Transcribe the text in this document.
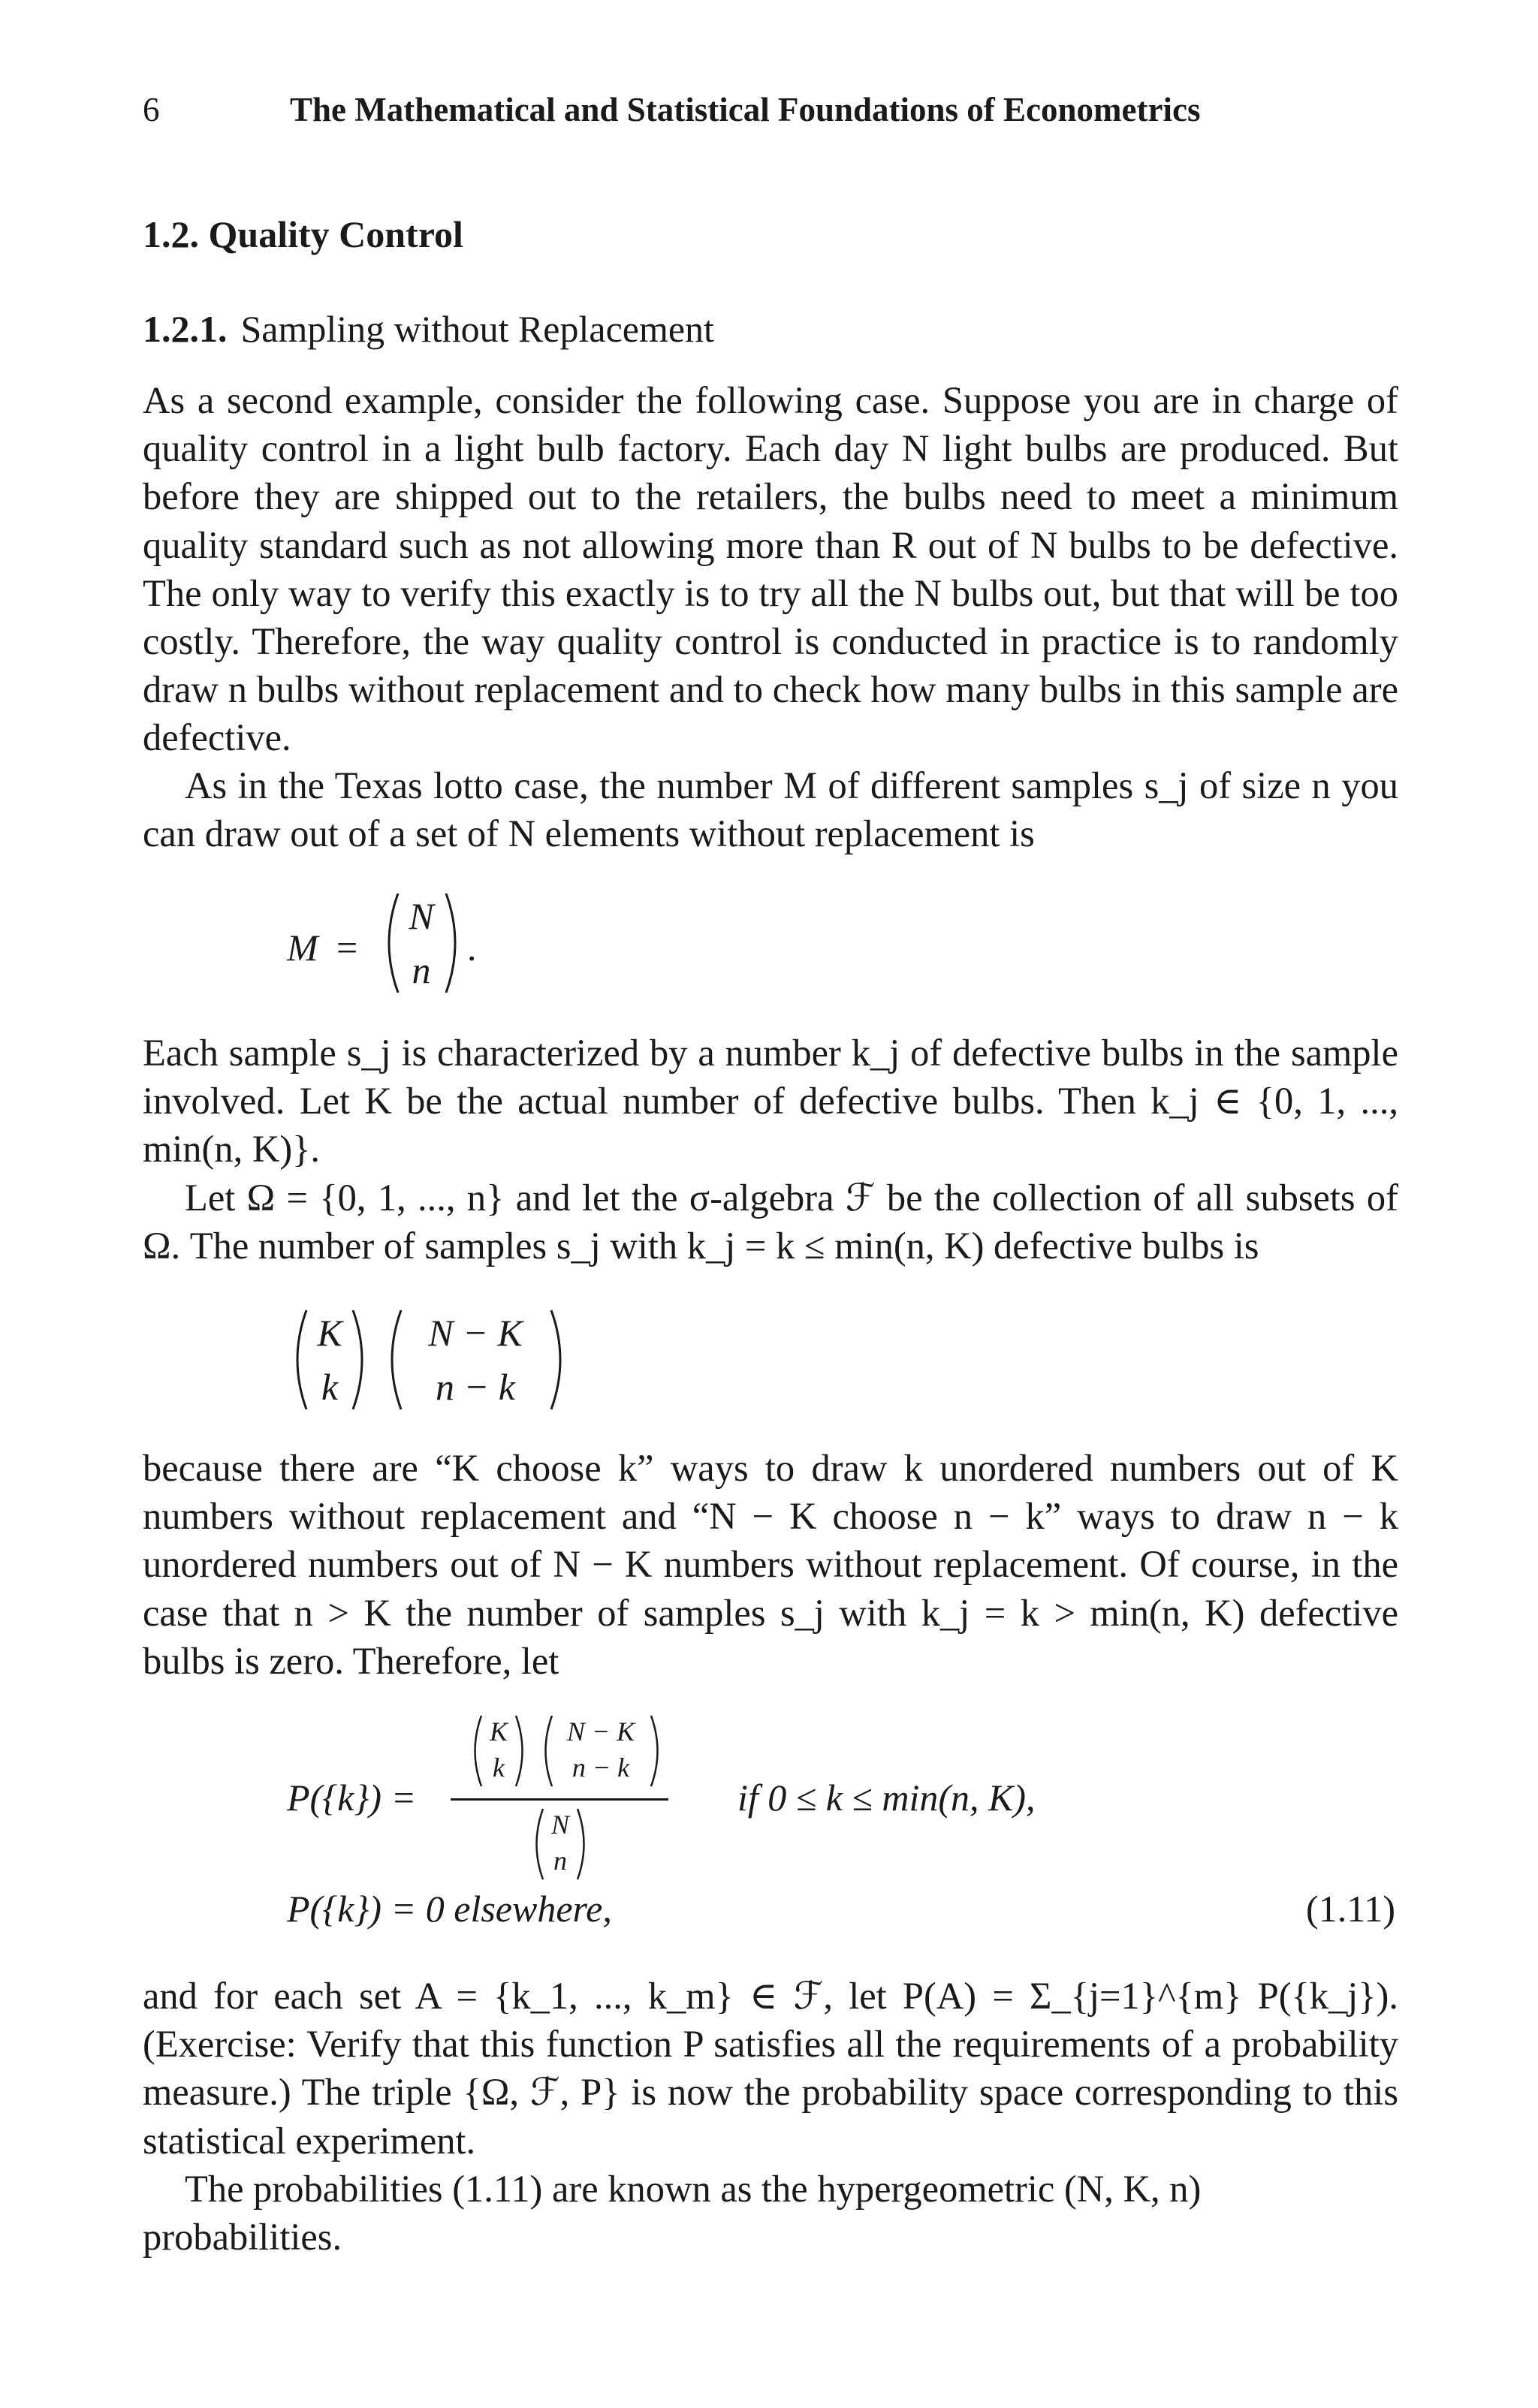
6	The Mathematical and Statistical Foundations of Econometrics
1.2. Quality Control
1.2.1. Sampling without Replacement

As a second example, consider the following case. Suppose you are in charge of quality control in a light bulb factory. Each day N light bulbs are produced. But before they are shipped out to the retailers, the bulbs need to meet a minimum quality standard such as not allowing more than R out of N bulbs to be defective. The only way to verify this exactly is to try all the N bulbs out, but that will be too costly. Therefore, the way quality control is conducted in practice is to randomly draw n bulbs without replacement and to check how many bulbs in this sample are defective.

As in the Texas lotto case, the number M of different samples s_j of size n you can draw out of a set of N elements without replacement is

M =
N
n
.

Each sample s_j is characterized by a number k_j of defective bulbs in the sample involved. Let K be the actual number of defective bulbs. Then k_j ∈ {0, 1, ..., min(n, K)}.

Let Ω = {0, 1, ..., n} and let the σ-algebra ℱ be the collection of all subsets of Ω. The number of samples s_j with k_j = k ≤ min(n, K) defective bulbs is

K
k
N − K
n − k

because there are “K choose k” ways to draw k unordered numbers out of K numbers without replacement and “N − K choose n − k” ways to draw n − k unordered numbers out of N − K numbers without replacement. Of course, in the case that n > K the number of samples s_j with k_j = k > min(n, K) defective bulbs is zero. Therefore, let

P({k}) =
K
k
N − K
n − k
N
n
if 0 ≤ k ≤ min(n, K),
P({k}) = 0 elsewhere,	(1.11)

and for each set A = {k_1, ..., k_m} ∈ ℱ, let P(A) = Σ_{j=1}^{m} P({k_j}). (Exercise: Verify that this function P satisfies all the requirements of a probability measure.) The triple {Ω, ℱ, P} is now the probability space corresponding to this statistical experiment.

The probabilities (1.11) are known as the hypergeometric (N, K, n) probabilities.
